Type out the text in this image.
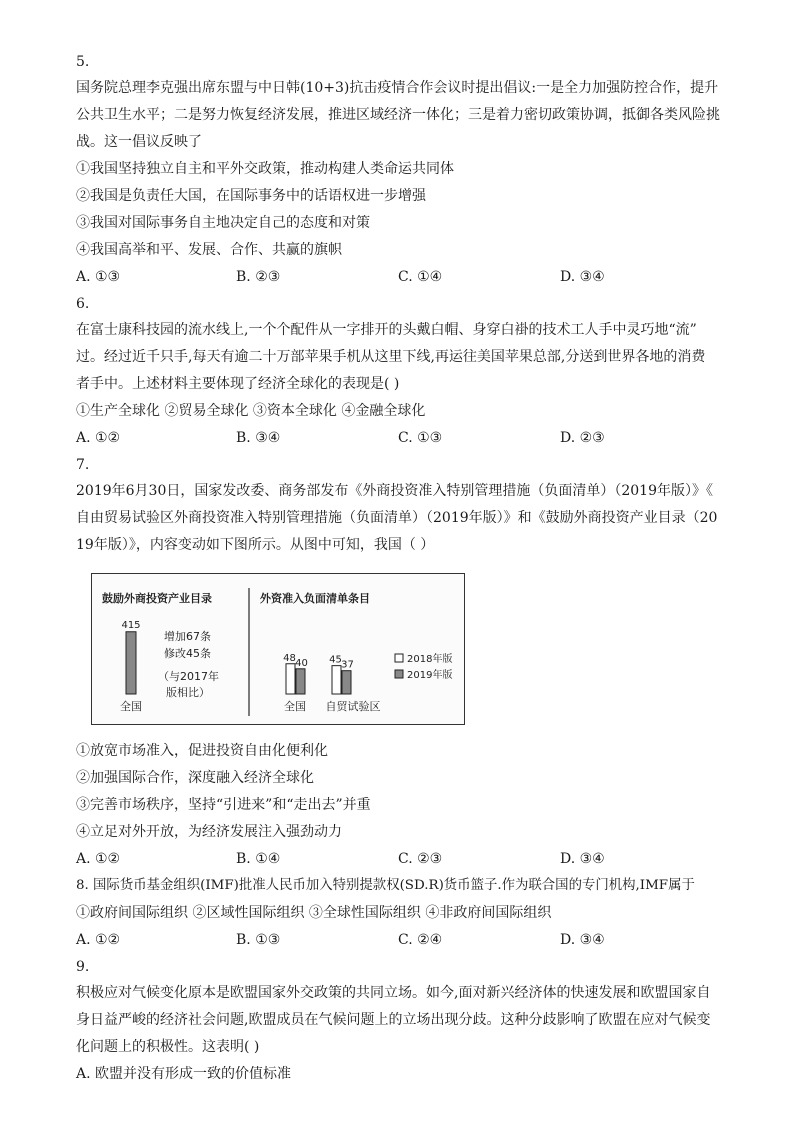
5.
国务院总理李克强出席东盟与中日韩(10+3)抗击疫情合作会议时提出倡议:一是全力加强防控合作，提升
公共卫生水平；二是努力恢复经济发展，推进区域经济一体化；三是着力密切政策协调，抵御各类风险挑
战。这一倡议反映了
①我国坚持独立自主和平外交政策，推动构建人类命运共同体
②我国是负责任大国，在国际事务中的话语权进一步增强
③我国对国际事务自主地决定自己的态度和对策
④我国高举和平、发展、合作、共赢的旗帜
A. ①③	B. ②③	C. ①④	D. ③④
6.
在富士康科技园的流水线上,一个个配件从一字排开的头戴白帽、身穿白褂的技术工人手中灵巧地“流”
过。经过近千只手,每天有逾二十万部苹果手机从这里下线,再运往美国苹果总部,分送到世界各地的消费
者手中。上述材料主要体现了经济全球化的表现是( )
①生产全球化 ②贸易全球化 ③资本全球化 ④金融全球化
A. ①②	B. ③④	C. ①③	D. ②③
7.
2019年6月30日，国家发改委、商务部发布《外商投资准入特别管理措施（负面清单）（2019年版）》《
自由贸易试验区外商投资准入特别管理措施（负面清单）（2019年版）》和《鼓励外商投资产业目录（20
19年版）》，内容变动如下图所示。从图中可知，我国（ ）
鼓励外商投资产业目录	外资准入负面清单条目
增加67条
修改45条
（与2017年
版相比）
2018年版
2019年版
415
全国
48 40
全国
45 37
自贸试验区
①放宽市场准入，促进投资自由化便利化
②加强国际合作，深度融入经济全球化
③完善市场秩序，坚持“引进来”和“走出去”并重
④立足对外开放，为经济发展注入强劲动力
A. ①②	B. ①④	C. ②③	D. ③④
8. 国际货币基金组织(IMF)批准人民币加入特别提款权(SD.R)货币篮子.作为联合国的专门机构,IMF属于
①政府间国际组织 ②区域性国际组织 ③全球性国际组织 ④非政府间国际组织
A. ①②	B. ①③	C. ②④	D. ③④
9.
积极应对气候变化原本是欧盟国家外交政策的共同立场。如今,面对新兴经济体的快速发展和欧盟国家自
身日益严峻的经济社会问题,欧盟成员在气候问题上的立场出现分歧。这种分歧影响了欧盟在应对气候变
化问题上的积极性。这表明( )
A. 欧盟并没有形成一致的价值标准
